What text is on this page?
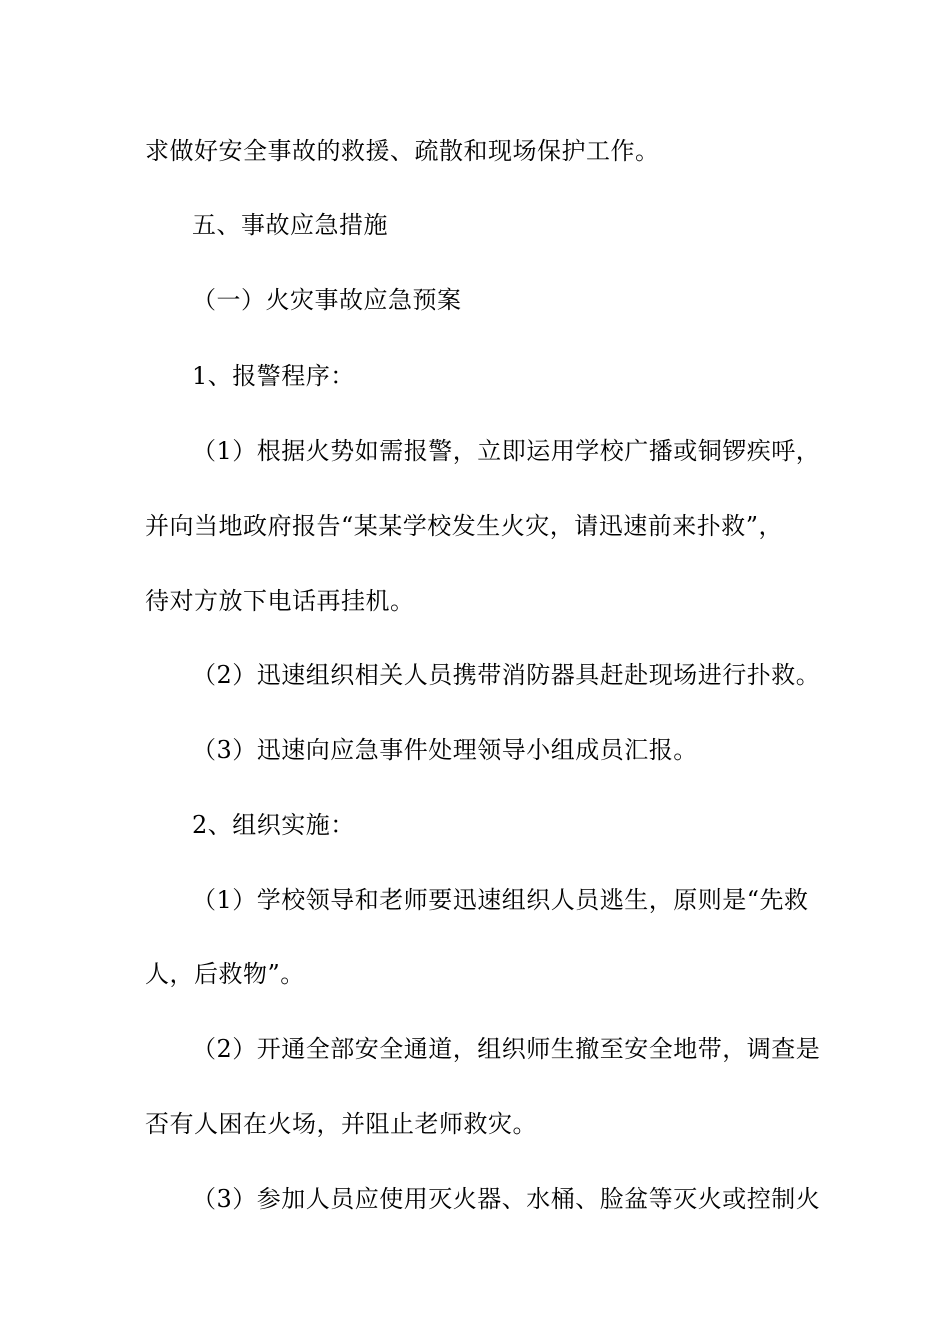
求做好安全事故的救援、疏散和现场保护工作。
五、事故应急措施
（一）火灾事故应急预案
1、报警程序：
（1）根据火势如需报警，立即运用学校广播或铜锣疾呼，
并向当地政府报告“某某学校发生火灾，请迅速前来扑救”，
待对方放下电话再挂机。
（2）迅速组织相关人员携带消防器具赶赴现场进行扑救。
（3）迅速向应急事件处理领导小组成员汇报。
2、组织实施：
（1）学校领导和老师要迅速组织人员逃生，原则是“先救
人，后救物”。
（2）开通全部安全通道，组织师生撤至安全地带，调查是
否有人困在火场，并阻止老师救灾。
（3）参加人员应使用灭火器、水桶、脸盆等灭火或控制火
